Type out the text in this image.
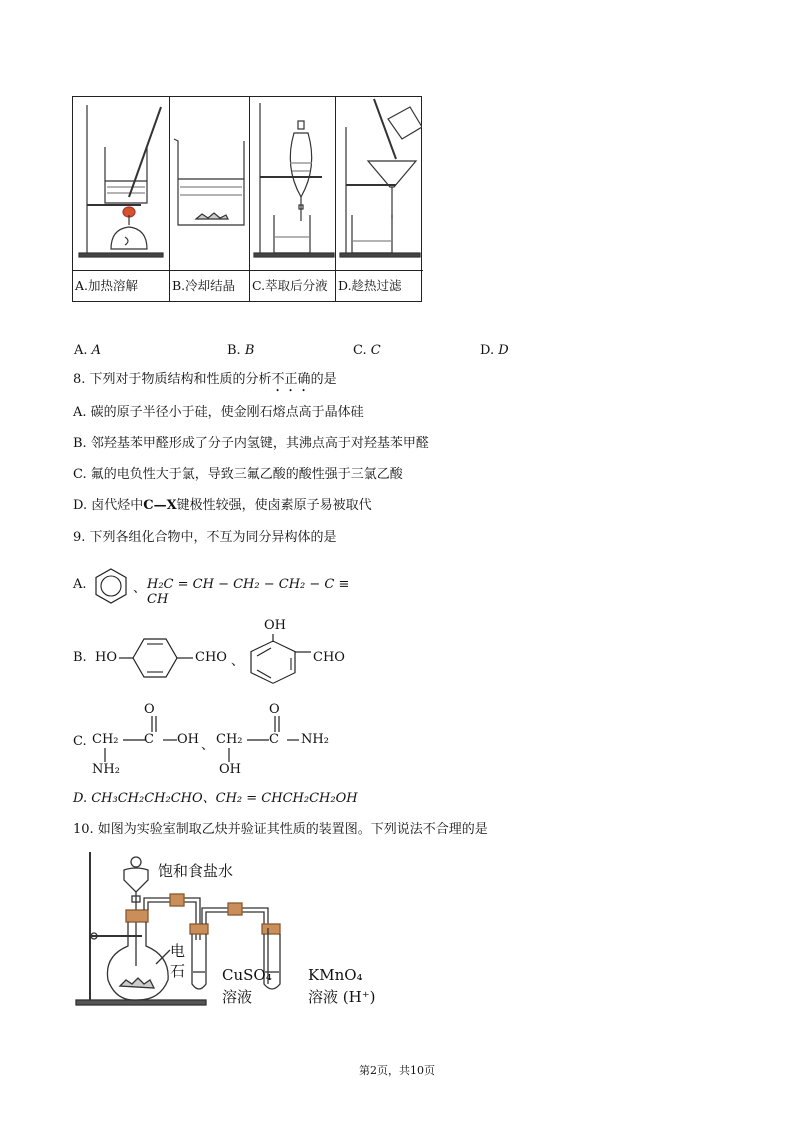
A.加热溶解	B.冷却结晶	C.萃取后分液 D.趁热过滤
A. A	B. B	C. C	D. D
8. 下列对于物质结构和性质的分析不正确的是
A. 碳的原子半径小于硅，使金刚石熔点高于晶体硅
B. 邻羟基苯甲醛形成了分子内氢键，其沸点高于对羟基苯甲醛
C. 氟的电负性大于氯，导致三氟乙酸的酸性强于三氯乙酸
D. 卤代烃中C—X键极性较强，使卤素原子易被取代
9. 下列各组化合物中，不互为同分异构体的是
A.	、 H₂C = CH − CH₂ − CH₂ − C ≡ CH
B. HO	CHO 、
OH
CHO
C. CH₂ C
O
OH
NH₂
、 CH₂ C
O
NH₂
OH
D. CH₃CH₂CH₂CHO、CH₂ = CHCH₂CH₂OH
10. 如图为实验室制取乙炔并验证其性质的装置图。下列说法不合理的是
饱和食盐水
电
石 CuSO₄
溶液
KMnO₄
溶液 (H⁺)
第2页，共10页
